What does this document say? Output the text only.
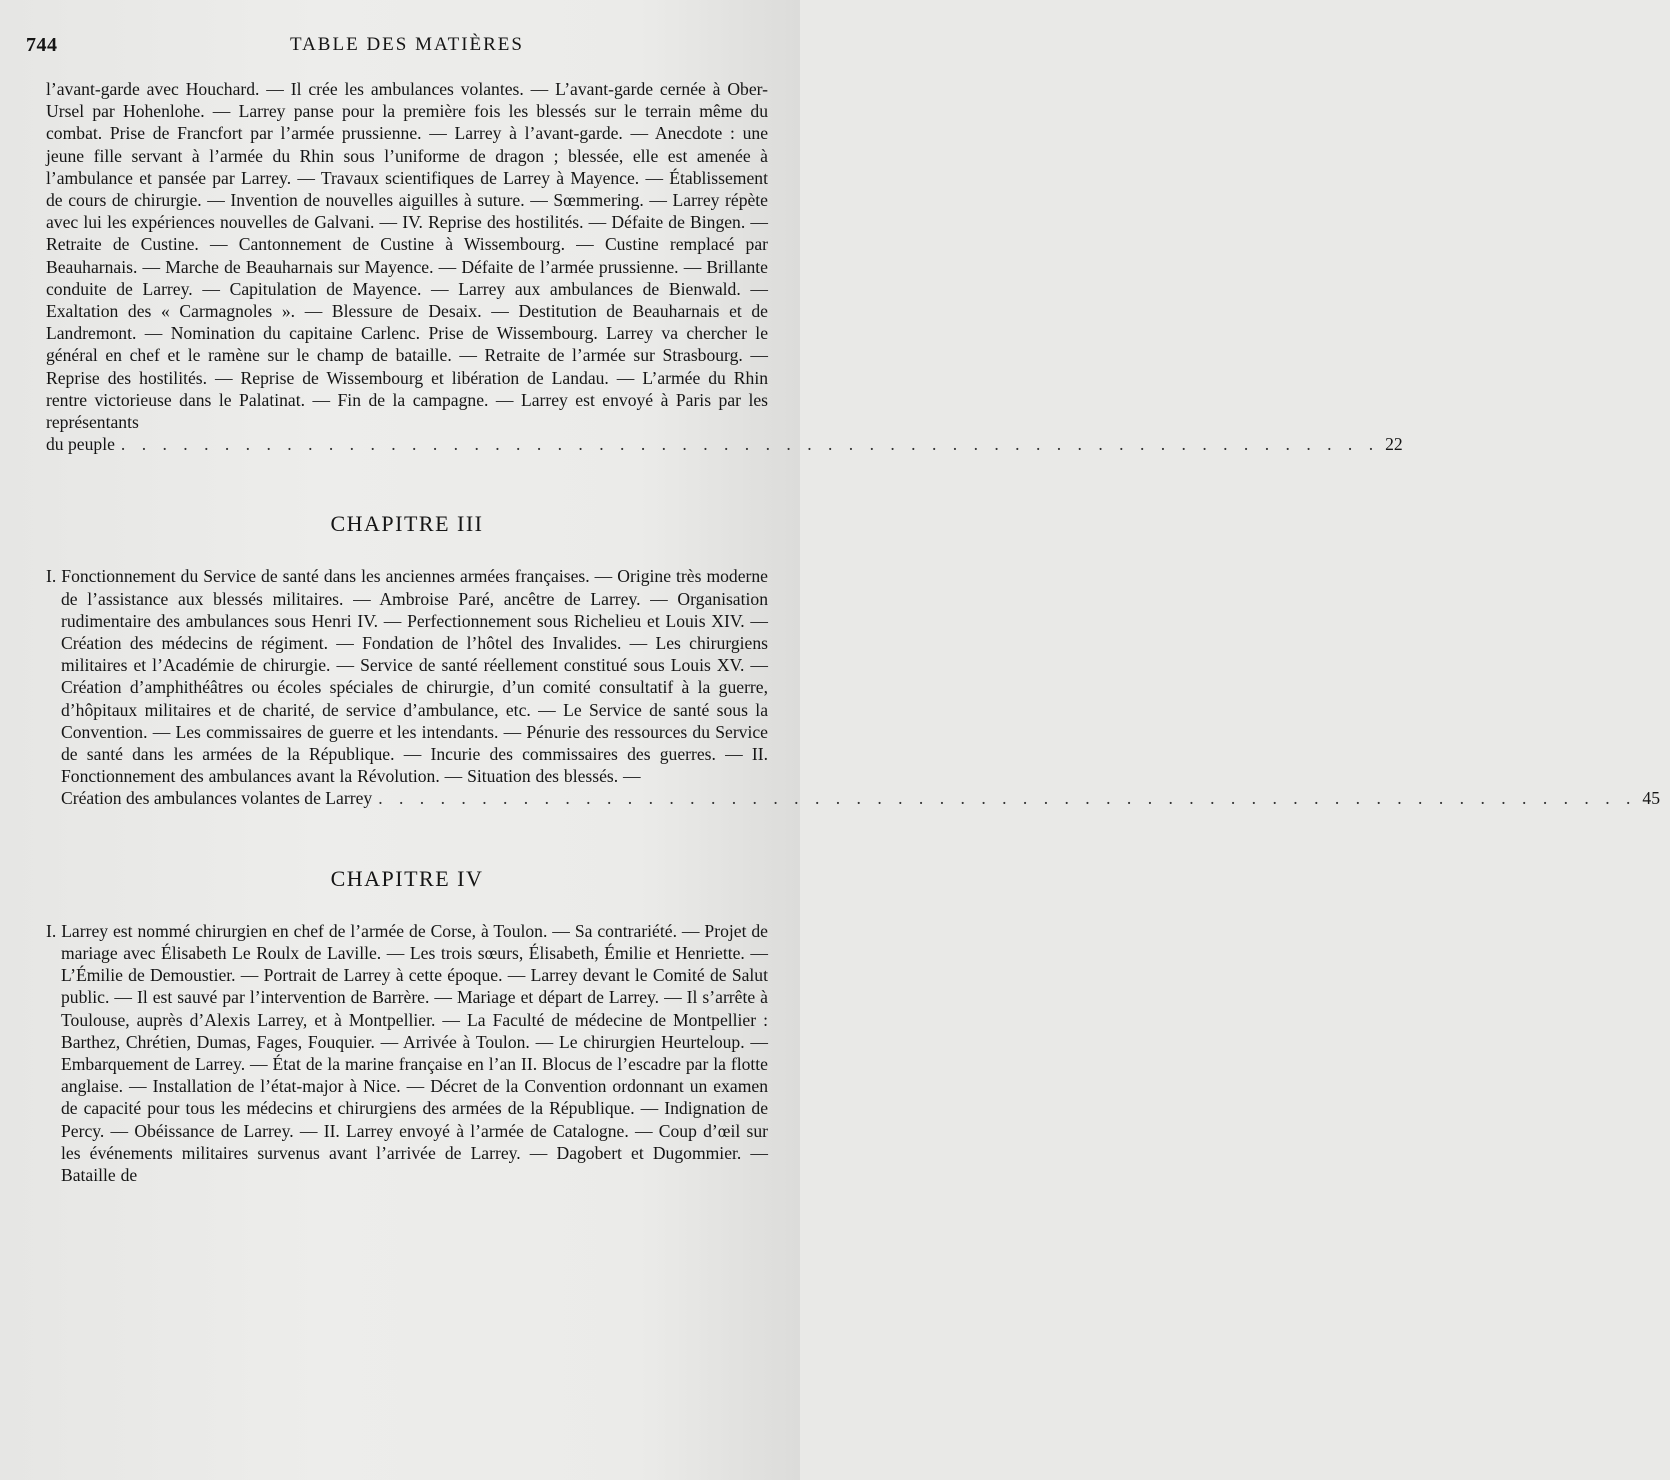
744	TABLE DES MATIÈRES

l’avant-garde avec Houchard. — Il crée les ambulances volantes. — L’avant-garde cernée à Ober-Ursel par Hohenlohe. — Larrey panse pour la première fois les blessés sur le terrain même du combat. Prise de Francfort par l’armée prussienne. — Larrey à l’avant-garde. — Anecdote : une jeune fille servant à l’armée du Rhin sous l’uniforme de dragon ; blessée, elle est amenée à l’ambulance et pansée par Larrey. — Travaux scientifiques de Larrey à Mayence. — Établissement de cours de chirurgie. — Invention de nouvelles aiguilles à suture. — Sœmmering. — Larrey répète avec lui les expériences nouvelles de Galvani. — IV. Reprise des hostilités. — Défaite de Bingen. — Retraite de Custine. — Cantonnement de Custine à Wissembourg. — Custine remplacé par Beauharnais. — Marche de Beauharnais sur Mayence. — Défaite de l’armée prussienne. — Brillante conduite de Larrey. — Capitulation de Mayence. — Larrey aux ambulances de Bienwald. — Exaltation des « Carmagnoles ». — Blessure de Desaix. — Destitution de Beauharnais et de Landremont. — Nomination du capitaine Carlenc. Prise de Wissembourg. Larrey va chercher le général en chef et le ramène sur le champ de bataille. — Retraite de l’armée sur Strasbourg. — Reprise des hostilités. — Reprise de Wissembourg et libération de Landau. — L’armée du Rhin rentre victorieuse dans le Palatinat. — Fin de la campagne. — Larrey est envoyé à Paris par les représentants

du peuple . . . . . . . . . . . . . . . . . . . . . . . . . . . . . . . . . . . . . . . . . . . . . . . . . . . . . . . . . . . . . 22
CHAPITRE III

I. Fonctionnement du Service de santé dans les anciennes armées françaises. — Origine très moderne de l’assistance aux blessés militaires. — Ambroise Paré, ancêtre de Larrey. — Organisation rudimentaire des ambulances sous Henri IV. — Perfectionnement sous Richelieu et Louis XIV. — Création des médecins de régiment. — Fondation de l’hôtel des Invalides. — Les chirurgiens militaires et l’Académie de chirurgie. — Service de santé réellement constitué sous Louis XV. — Création d’amphithéâtres ou écoles spéciales de chirurgie, d’un comité consultatif à la guerre, d’hôpitaux militaires et de charité, de service d’ambulance, etc. — Le Service de santé sous la Convention. — Les commissaires de guerre et les intendants. — Pénurie des ressources du Service de santé dans les armées de la République. — Incurie des commissaires des guerres. — II. Fonctionnement des ambulances avant la Révolution. — Situation des blessés. —

Création des ambulances volantes de Larrey . . . . . . . . . . . . . . . . . . . . . . . . . . . . . . . . . . . . . . . . . . . . . . . . . . . . . . . . . . . . . 45
CHAPITRE IV

I. Larrey est nommé chirurgien en chef de l’armée de Corse, à Toulon. — Sa contrariété. — Projet de mariage avec Élisabeth Le Roulx de Laville. — Les trois sœurs, Élisabeth, Émilie et Henriette. — L’Émilie de Demoustier. — Portrait de Larrey à cette époque. — Larrey devant le Comité de Salut public. — Il est sauvé par l’intervention de Barrère. — Mariage et départ de Larrey. — Il s’arrête à Toulouse, auprès d’Alexis Larrey, et à Montpellier. — La Faculté de médecine de Montpellier : Barthez, Chrétien, Dumas, Fages, Fouquier. — Arrivée à Toulon. — Le chirurgien Heurteloup. — Embarquement de Larrey. — État de la marine française en l’an II. Blocus de l’escadre par la flotte anglaise. — Installation de l’état-major à Nice. — Décret de la Convention ordonnant un examen de capacité pour tous les médecins et chirurgiens des armées de la République. — Indignation de Percy. — Obéissance de Larrey. — II. Larrey envoyé à l’armée de Catalogne. — Coup d’œil sur les événements militaires survenus avant l’arrivée de Larrey. — Dagobert et Dugommier. — Bataille de
